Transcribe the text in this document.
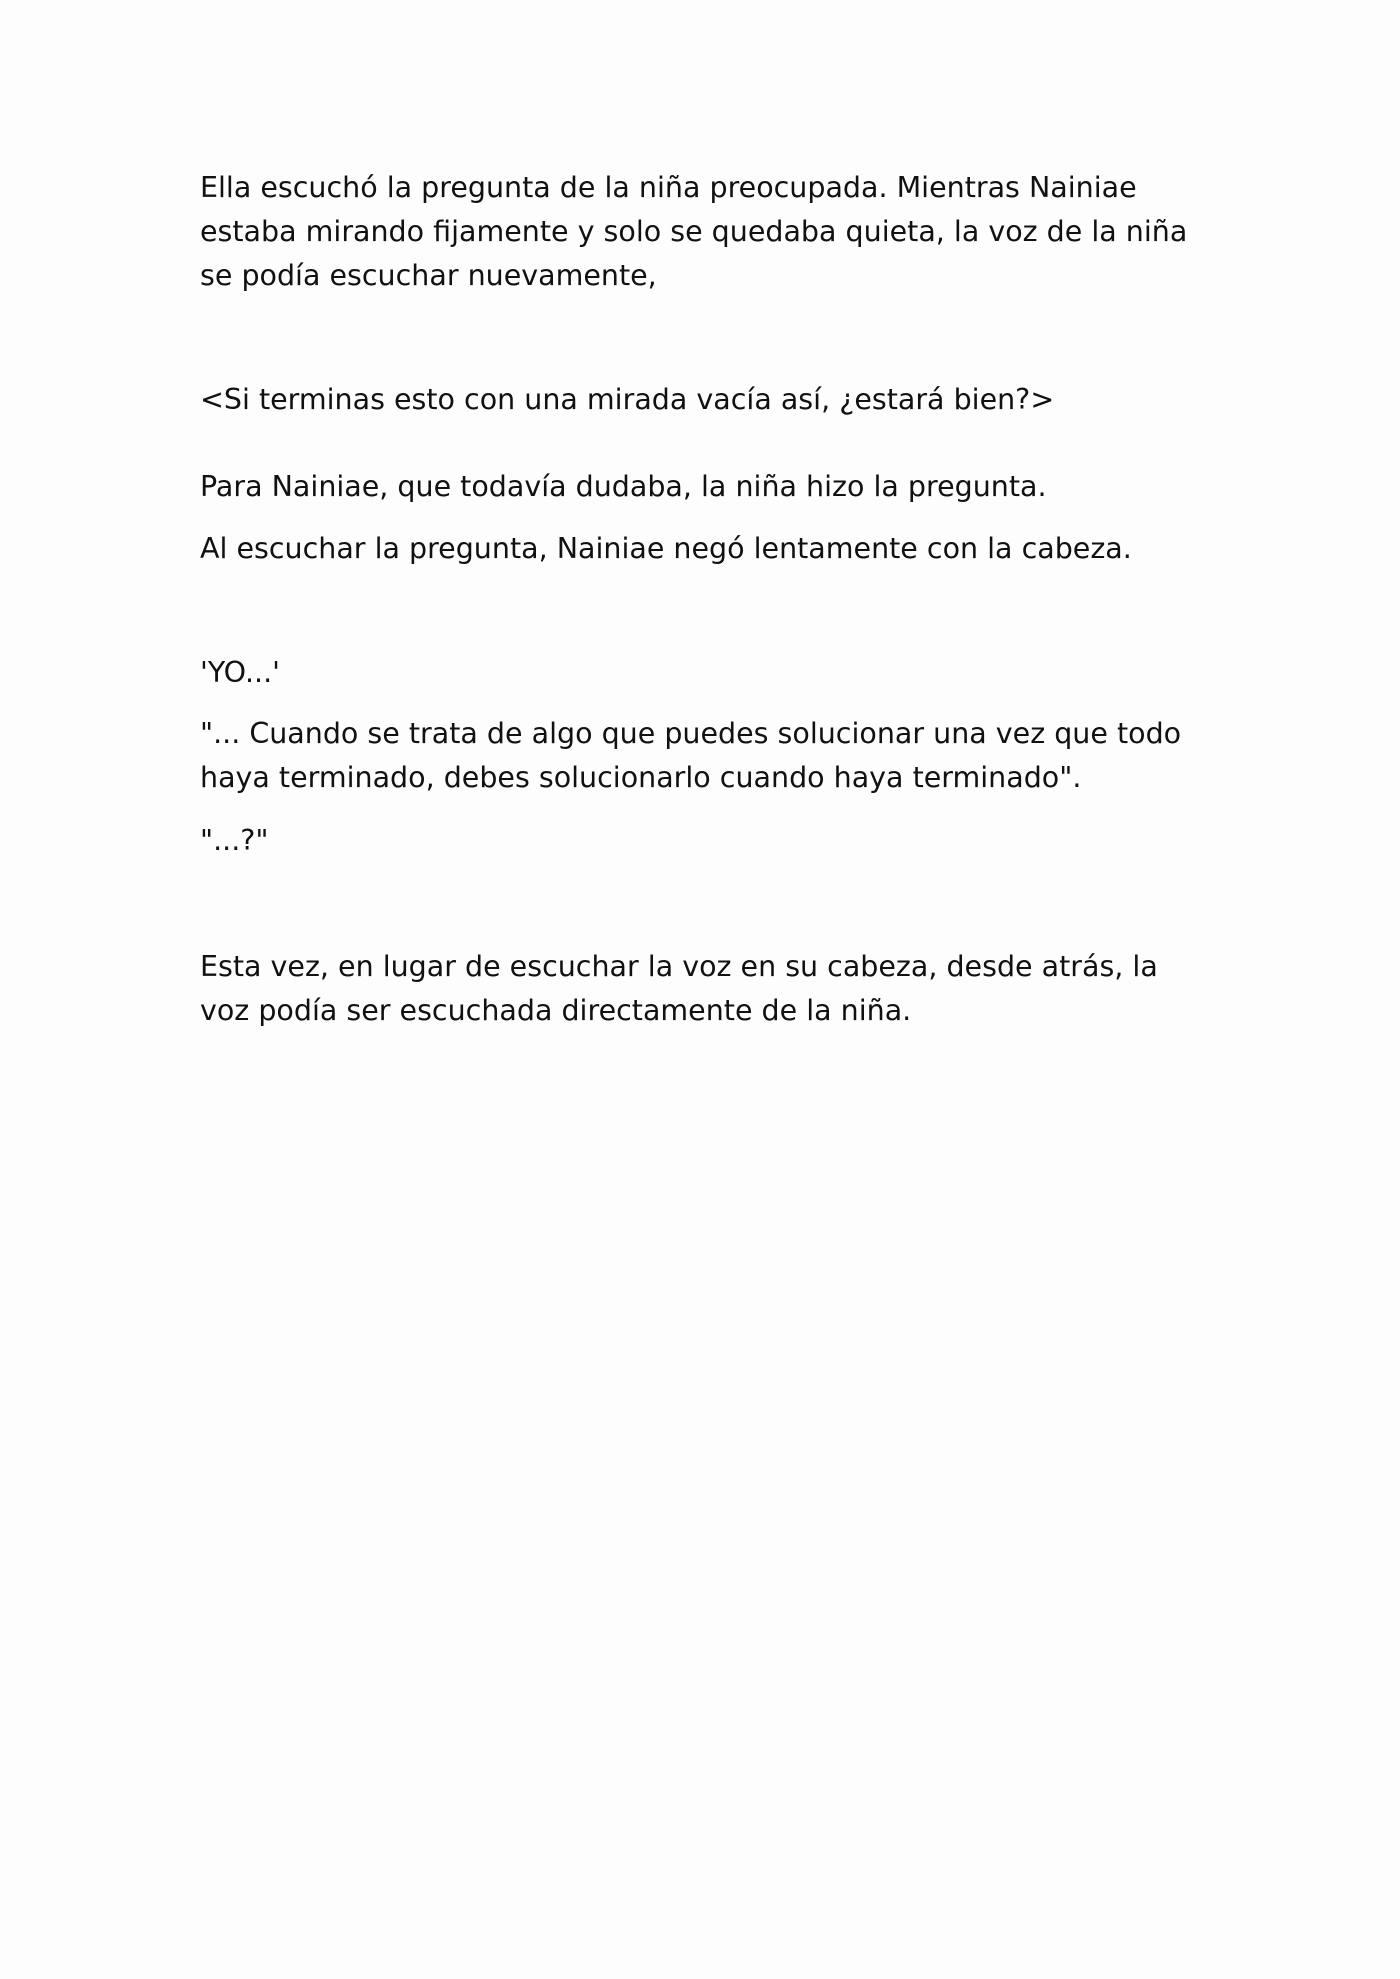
Ella escuchó la pregunta de la niña preocupada. Mientras Nainiae estaba mirando fijamente y solo se quedaba quieta, la voz de la niña se podía escuchar nuevamente,

<Si terminas esto con una mirada vacía así, ¿estará bien?>

Para Nainiae, que todavía dudaba, la niña hizo la pregunta.

Al escuchar la pregunta, Nainiae negó lentamente con la cabeza.

'YO...'

"... Cuando se trata de algo que puedes solucionar una vez que todo haya terminado, debes solucionarlo cuando haya terminado".

"...?"

Esta vez, en lugar de escuchar la voz en su cabeza, desde atrás, la voz podía ser escuchada directamente de la niña.
